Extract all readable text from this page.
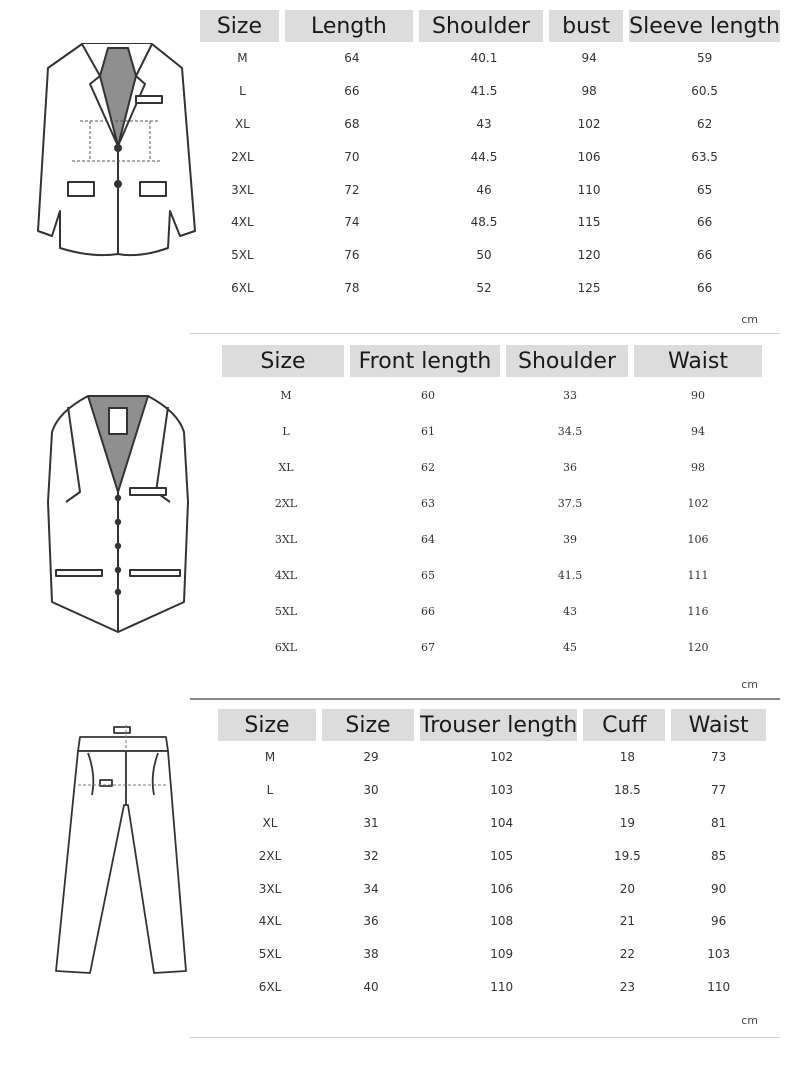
Size	Length	Shoulder	bust	Sleeve length
M	64	40.1	94	59
L	66	41.5	98	60.5
XL	68	43	102	62
2XL	70	44.5	106	63.5
3XL	72	46	110	65
4XL	74	48.5	115	66
5XL	76	50	120	66
6XL	78	52	125	66
cm
Size	Front length	Shoulder	Waist
M	60	33	90
L	61	34.5	94
XL	62	36	98
2XL	63	37.5	102
3XL	64	39	106
4XL	65	41.5	111
5XL	66	43	116
6XL	67	45	120
cm
Size	Size	Trouser length	Cuff	Waist
M	29	102	18	73
L	30	103	18.5	77
XL	31	104	19	81
2XL	32	105	19.5	85
3XL	34	106	20	90
4XL	36	108	21	96
5XL	38	109	22	103
6XL	40	110	23	110
cm
